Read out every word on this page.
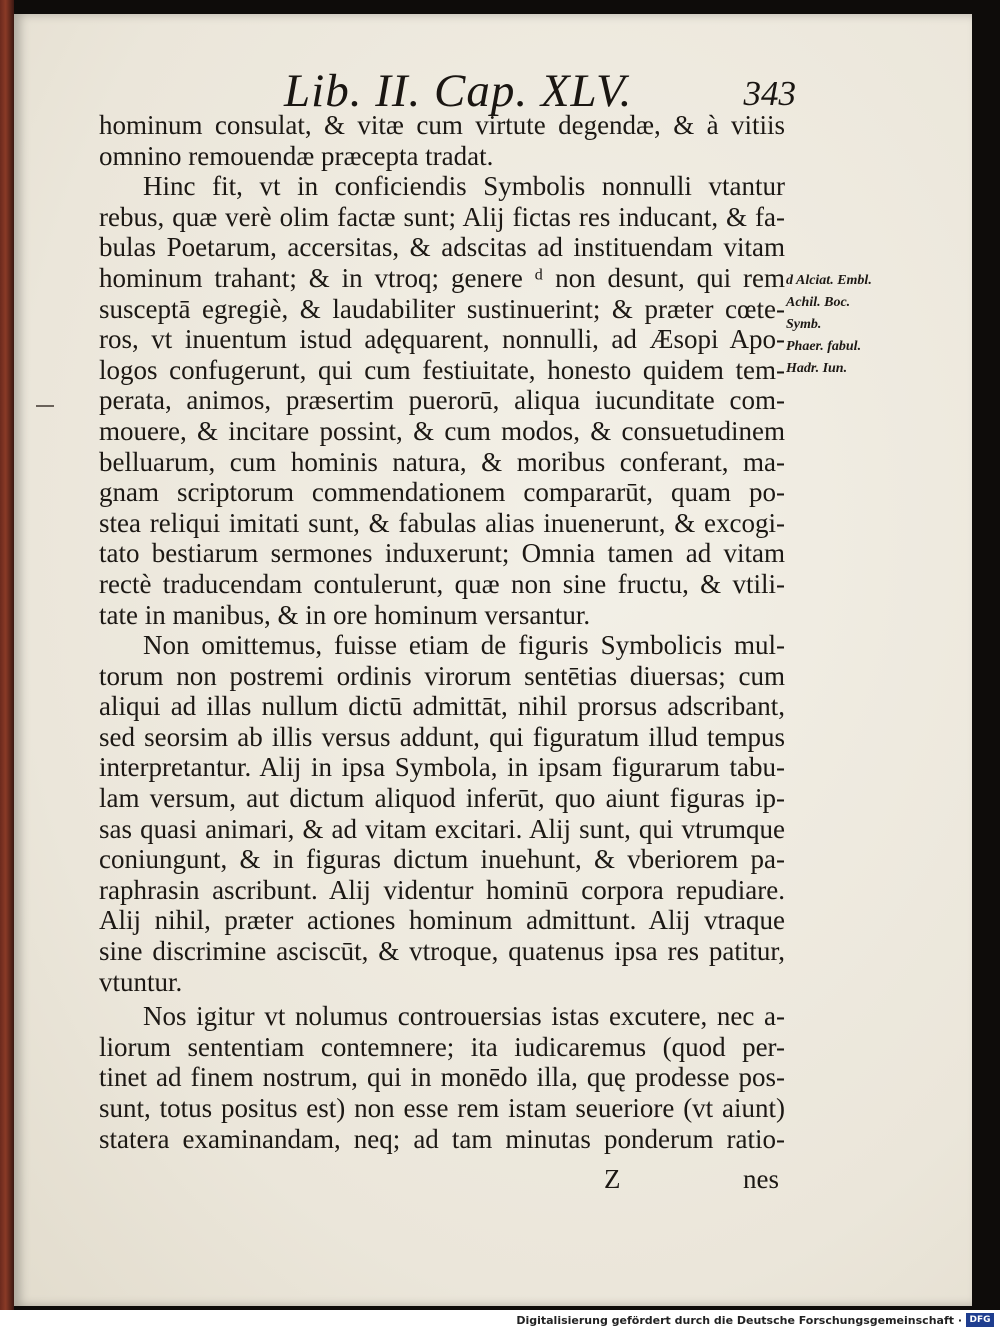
Lib. II. Cap. XLV.	343
hominum consulat, & vitæ cum virtute degendæ, & à vitiis
omnino remouendæ præcepta tradat.
Hinc fit, vt in conficiendis Symbolis nonnulli vtantur
rebus, quæ verè olim factæ sunt; Alij fictas res inducant, & fa-
bulas Poetarum, accersitas, & adscitas ad instituendam vitam
hominum trahant; & in vtroq; genere ᵈ non desunt, qui rem
susceptā egregiè, & laudabiliter sustinuerint; & præter cœte-
ros, vt inuentum istud adęquarent, nonnulli, ad Æsopi Apo-
logos confugerunt, qui cum festiuitate, honesto quidem tem-
perata, animos, præsertim puerorū, aliqua iucunditate com-
mouere, & incitare possint, & cum modos, & consuetudinem
belluarum, cum hominis natura, & moribus conferant, ma-
gnam scriptorum commendationem compararūt, quam po-
stea reliqui imitati sunt, & fabulas alias inuenerunt, & excogi-
tato bestiarum sermones induxerunt; Omnia tamen ad vitam
rectè traducendam contulerunt, quæ non sine fructu, & vtili-
tate in manibus, & in ore hominum versantur.
Non omittemus, fuisse etiam de figuris Symbolicis mul-
torum non postremi ordinis virorum sentētias diuersas; cum
aliqui ad illas nullum dictū admittāt, nihil prorsus adscribant,
sed seorsim ab illis versus addunt, qui figuratum illud tempus
interpretantur. Alij in ipsa Symbola, in ipsam figurarum tabu-
lam versum, aut dictum aliquod inferūt, quo aiunt figuras ip-
sas quasi animari, & ad vitam excitari. Alij sunt, qui vtrumque
coniungunt, & in figuras dictum inuehunt, & vberiorem pa-
raphrasin ascribunt. Alij videntur hominū corpora repudiare.
Alij nihil, præter actiones hominum admittunt. Alij vtraque
sine discrimine asciscūt, & vtroque, quatenus ipsa res patitur,
vtuntur.
Nos igitur vt nolumus controuersias istas excutere, nec a-
liorum sententiam contemnere; ita iudicaremus (quod per-
tinet ad finem nostrum, qui in monēdo illa, quę prodesse pos-
sunt, totus positus est) non esse rem istam seueriore (vt aiunt)
statera examinandam, neq; ad tam minutas ponderum ratio-
d Alciat. Embl.
Achil. Boc.
Symb.
Phaer. fabul.
Hadr. Iun.
Z	nes
Digitalisierung gefördert durch die Deutsche Forschungsgemeinschaft · DFG
